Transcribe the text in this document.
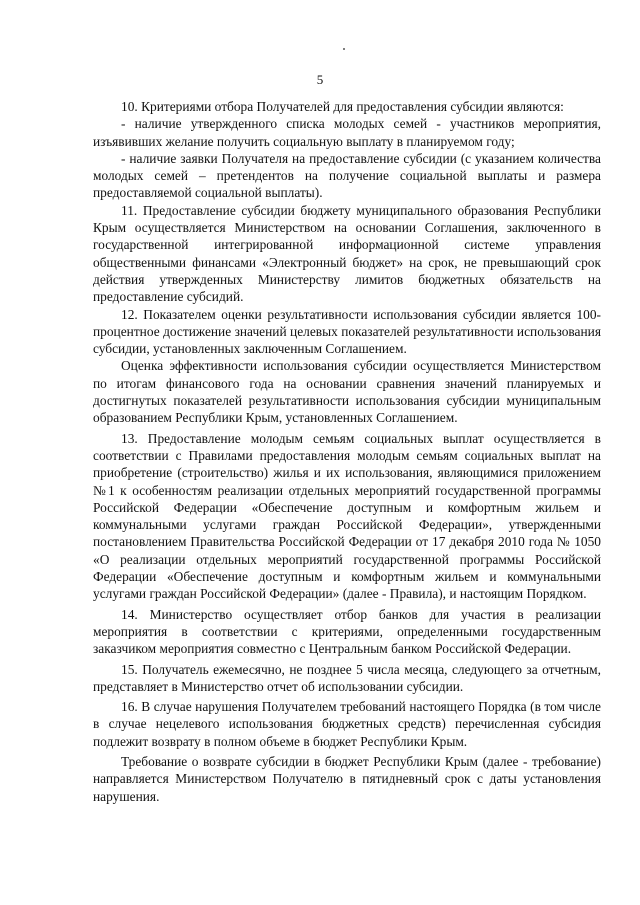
5

10. Критериями отбора Получателей для предоставления субсидии являются:

- наличие утвержденного списка молодых семей - участников мероприятия, изъявивших желание получить социальную выплату в планируемом году;

- наличие заявки Получателя на предоставление субсидии (с указанием количества молодых семей – претендентов на получение социальной выплаты и размера предоставляемой социальной выплаты).

11. Предоставление субсидии бюджету муниципального образования Республики Крым осуществляется Министерством на основании Соглашения, заключенного в государственной интегрированной информационной системе управления общественными финансами «Электронный бюджет» на срок, не превышающий срок действия утвержденных Министерству лимитов бюджетных обязательств на предоставление субсидий.

12. Показателем оценки результативности использования субсидии является 100-процентное достижение значений целевых показателей результативности использования субсидии, установленных заключенным Соглашением.

Оценка эффективности использования субсидии осуществляется Министерством по итогам финансового года на основании сравнения значений планируемых и достигнутых показателей результативности использования субсидии муниципальным образованием Республики Крым, установленных Соглашением.

13. Предоставление молодым семьям социальных выплат осуществляется в соответствии с Правилами предоставления молодым семьям социальных выплат на приобретение (строительство) жилья и их использования, являющимися приложением №1 к особенностям реализации отдельных мероприятий государственной программы Российской Федерации «Обеспечение доступным и комфортным жильем и коммунальными услугами граждан Российской Федерации», утвержденными постановлением Правительства Российской Федерации от 17 декабря 2010 года № 1050 «О реализации отдельных мероприятий государственной программы Российской Федерации «Обеспечение доступным и комфортным жильем и коммунальными услугами граждан Российской Федерации» (далее - Правила), и настоящим Порядком.

14. Министерство осуществляет отбор банков для участия в реализации мероприятия в соответствии с критериями, определенными государственным заказчиком мероприятия совместно с Центральным банком Российской Федерации.

15. Получатель ежемесячно, не позднее 5 числа месяца, следующего за отчетным, представляет в Министерство отчет об использовании субсидии.

16. В случае нарушения Получателем требований настоящего Порядка (в том числе в случае нецелевого использования бюджетных средств) перечисленная субсидия подлежит возврату в полном объеме в бюджет Республики Крым.

Требование о возврате субсидии в бюджет Республики Крым (далее - требование) направляется Министерством Получателю в пятидневный срок с даты установления нарушения.
